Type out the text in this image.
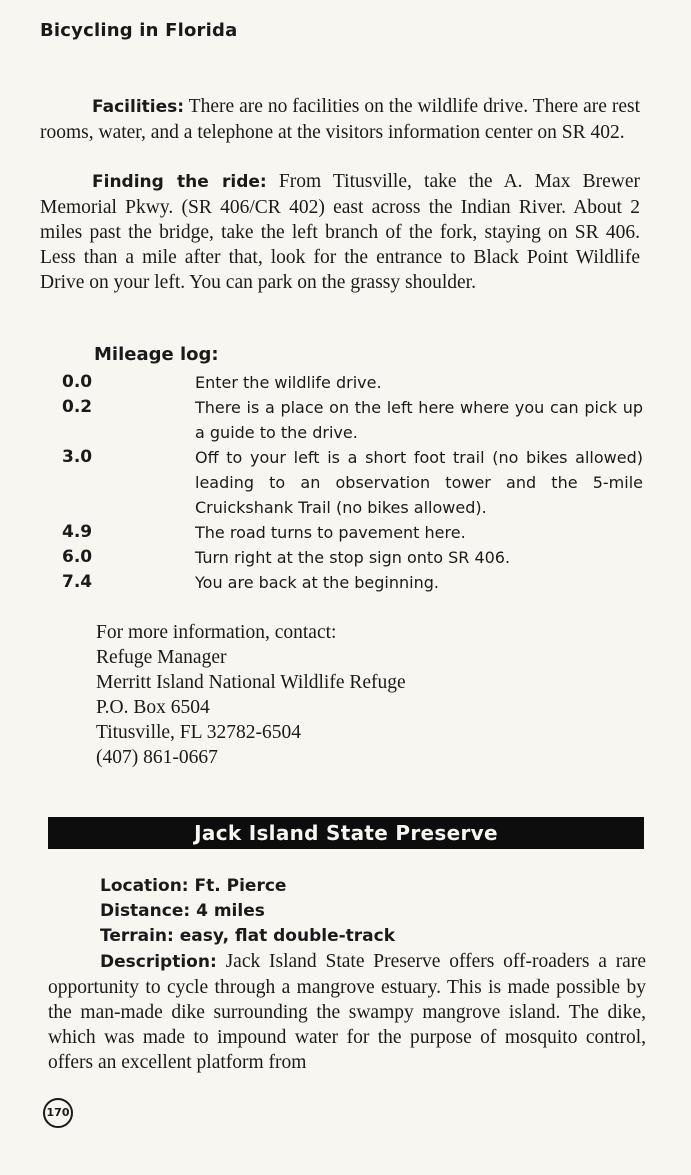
Bicycling in Florida

Facilities: There are no facilities on the wildlife drive. There are rest rooms, water, and a telephone at the visitors information center on SR 402.

Finding the ride: From Titusville, take the A. Max Brewer Memorial Pkwy. (SR 406/CR 402) east across the Indian River. About 2 miles past the bridge, take the left branch of the fork, staying on SR 406. Less than a mile after that, look for the entrance to Black Point Wildlife Drive on your left. You can park on the grassy shoulder.

Mileage log:
0.0	Enter the wildlife drive.
0.2	There is a place on the left here where you can pick up a guide to the drive.
3.0	Off to your left is a short foot trail (no bikes allowed) leading to an observation tower and the 5-mile Cruickshank Trail (no bikes allowed).
4.9	The road turns to pavement here.
6.0	Turn right at the stop sign onto SR 406.
7.4	You are back at the beginning.
For more information, contact:
Refuge Manager
Merritt Island National Wildlife Refuge
P.O. Box 6504
Titusville, FL 32782-6504
(407) 861-0667
Jack Island State Preserve
Location: Ft. Pierce
Distance: 4 miles
Terrain: easy, flat double-track

Description: Jack Island State Preserve offers off-roaders a rare opportunity to cycle through a mangrove estuary. This is made possible by the man-made dike surrounding the swampy mangrove island. The dike, which was made to impound water for the purpose of mosquito control, offers an excellent platform from

170
